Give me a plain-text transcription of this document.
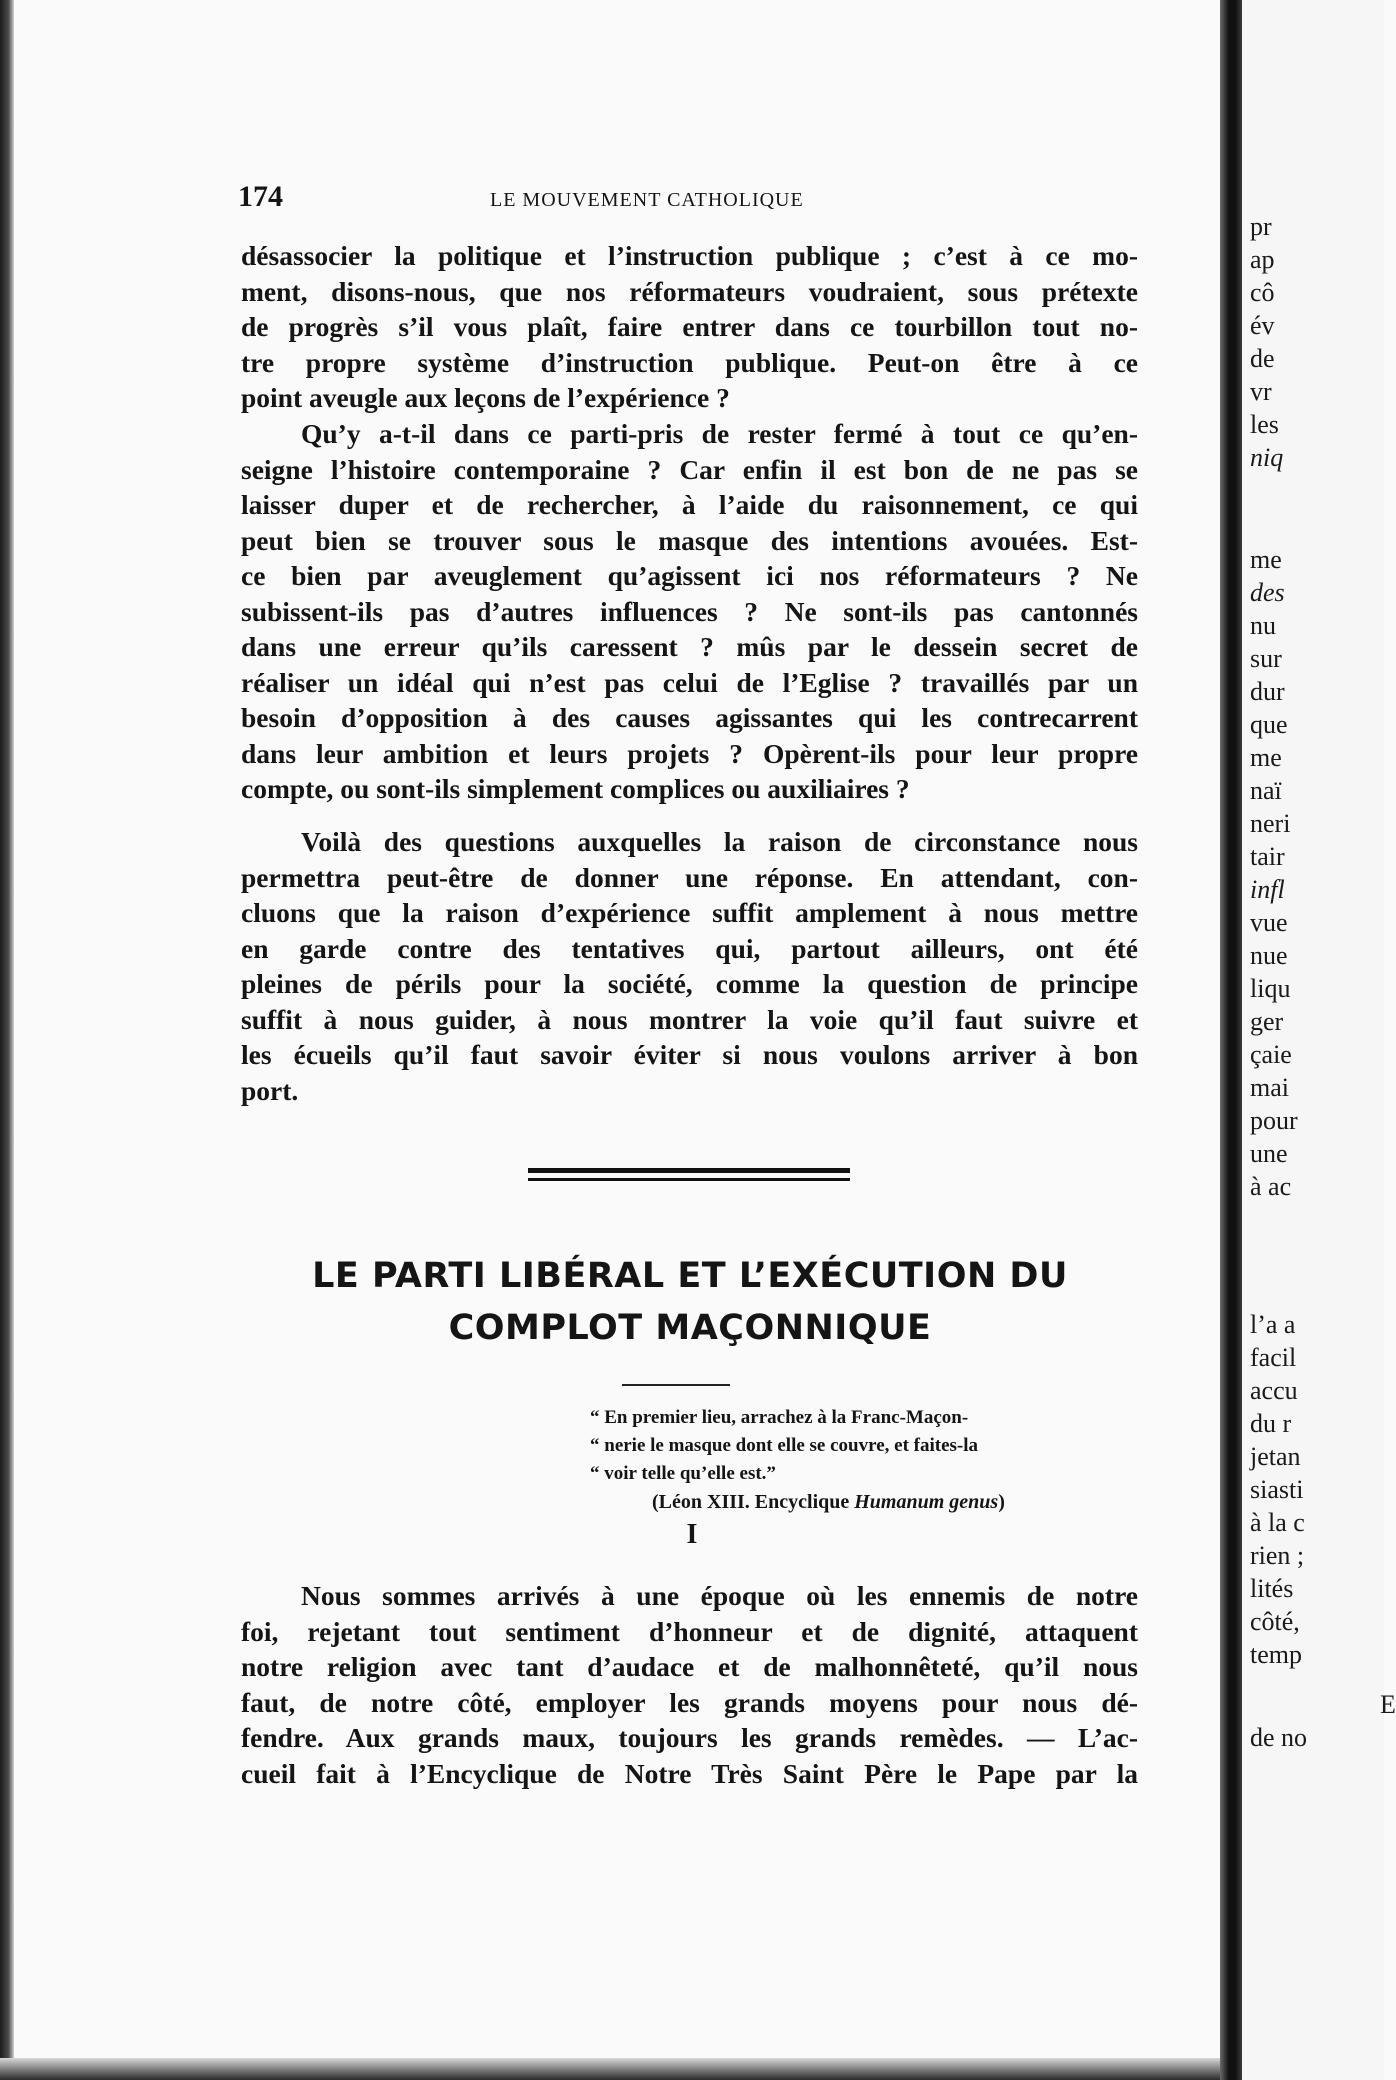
pr

ap

cô

év

de

vr

les

niq

me

des

nu

sur

dur

que

me

naï

neri

tair

infl

vue

nue

liqu

ger

çaie

mai

pour

une

à ac

l’a a

facil

accu

du r

jetan

siasti

à la c

rien ;

lités

côté,

temp

E

de no

174	LE MOUVEMENT CATHOLIQUE

désassocier la politique et l’instruction publique ; c’est à ce mo-
ment, disons-nous, que nos réformateurs voudraient, sous prétexte
de progrès s’il vous plaît, faire entrer dans ce tourbillon tout no-
tre propre système d’instruction publique. Peut-on être à ce
point aveugle aux leçons de l’expérience ?
Qu’y a-t-il dans ce parti-pris de rester fermé à tout ce qu’en-
seigne l’histoire contemporaine ? Car enfin il est bon de ne pas se
laisser duper et de rechercher, à l’aide du raisonnement, ce qui
peut bien se trouver sous le masque des intentions avouées. Est-
ce bien par aveuglement qu’agissent ici nos réformateurs ? Ne
subissent-ils pas d’autres influences ? Ne sont-ils pas cantonnés
dans une erreur qu’ils caressent ? mûs par le dessein secret de
réaliser un idéal qui n’est pas celui de l’Eglise ? travaillés par un
besoin d’opposition à des causes agissantes qui les contrecarrent
dans leur ambition et leurs projets ? Opèrent-ils pour leur propre
compte, ou sont-ils simplement complices ou auxiliaires ?
Voilà des questions auxquelles la raison de circonstance nous
permettra peut-être de donner une réponse. En attendant, con-
cluons que la raison d’expérience suffit amplement à nous mettre
en garde contre des tentatives qui, partout ailleurs, ont été
pleines de périls pour la société, comme la question de principe
suffit à nous guider, à nous montrer la voie qu’il faut suivre et
les écueils qu’il faut savoir éviter si nous voulons arriver à bon
port.
LE PARTI LIBÉRAL ET L’EXÉCUTION DU
COMPLOT MAÇONNIQUE
“ En premier lieu, arrachez à la Franc-Maçon-
“ nerie le masque dont elle se couvre, et faites-la
“ voir telle qu’elle est.”
(Léon XIII. Encyclique Humanum genus)

I

Nous sommes arrivés à une époque où les ennemis de notre
foi, rejetant tout sentiment d’honneur et de dignité, attaquent
notre religion avec tant d’audace et de malhonnêteté, qu’il nous
faut, de notre côté, employer les grands moyens pour nous dé-
fendre. Aux grands maux, toujours les grands remèdes. — L’ac-
cueil fait à l’Encyclique de Notre Très Saint Père le Pape par la
